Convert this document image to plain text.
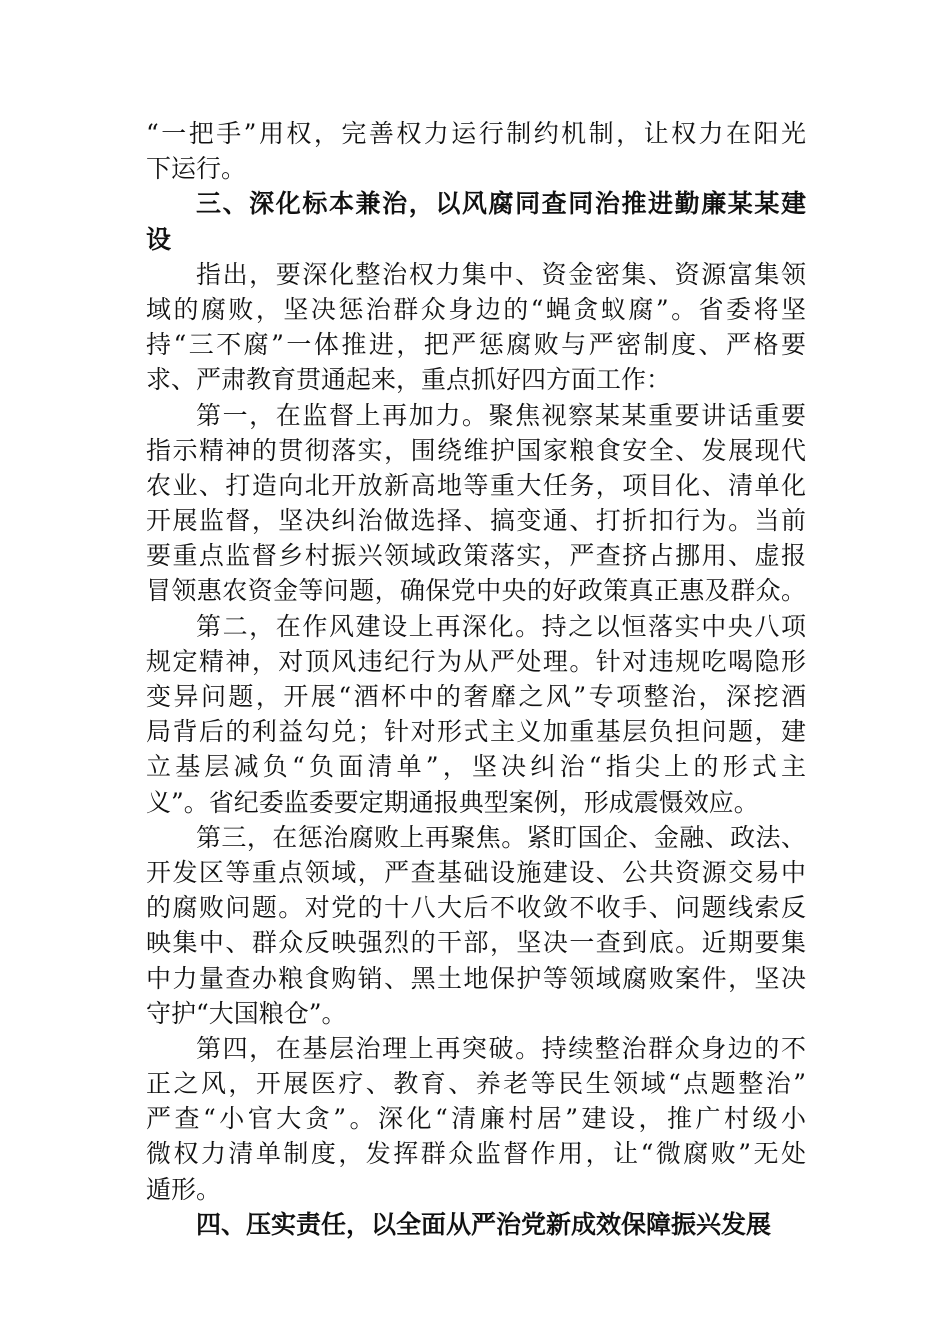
“一把手”用权，完善权力运行制约机制，让权力在阳光
下运行。
三、深化标本兼治，以风腐同查同治推进勤廉某某建
设
指出，要深化整治权力集中、资金密集、资源富集领
域的腐败，坚决惩治群众身边的“蝇贪蚁腐”。省委将坚
持“三不腐”一体推进，把严惩腐败与严密制度、严格要
求、严肃教育贯通起来，重点抓好四方面工作：
第一，在监督上再加力。聚焦视察某某重要讲话重要
指示精神的贯彻落实，围绕维护国家粮食安全、发展现代
农业、打造向北开放新高地等重大任务，项目化、清单化
开展监督，坚决纠治做选择、搞变通、打折扣行为。当前
要重点监督乡村振兴领域政策落实，严查挤占挪用、虚报
冒领惠农资金等问题，确保党中央的好政策真正惠及群众。
第二，在作风建设上再深化。持之以恒落实中央八项
规定精神，对顶风违纪行为从严处理。针对违规吃喝隐形
变异问题，开展“酒杯中的奢靡之风”专项整治，深挖酒
局背后的利益勾兑；针对形式主义加重基层负担问题，建
立基层减负“负面清单”，坚决纠治“指尖上的形式主
义”。省纪委监委要定期通报典型案例，形成震慑效应。
第三，在惩治腐败上再聚焦。紧盯国企、金融、政法、
开发区等重点领域，严查基础设施建设、公共资源交易中
的腐败问题。对党的十八大后不收敛不收手、问题线索反
映集中、群众反映强烈的干部，坚决一查到底。近期要集
中力量查办粮食购销、黑土地保护等领域腐败案件，坚决
守护“大国粮仓”。
第四，在基层治理上再突破。持续整治群众身边的不
正之风，开展医疗、教育、养老等民生领域“点题整治”
严查“小官大贪”。深化“清廉村居”建设，推广村级小
微权力清单制度，发挥群众监督作用，让“微腐败”无处
遁形。
四、压实责任，以全面从严治党新成效保障振兴发展
